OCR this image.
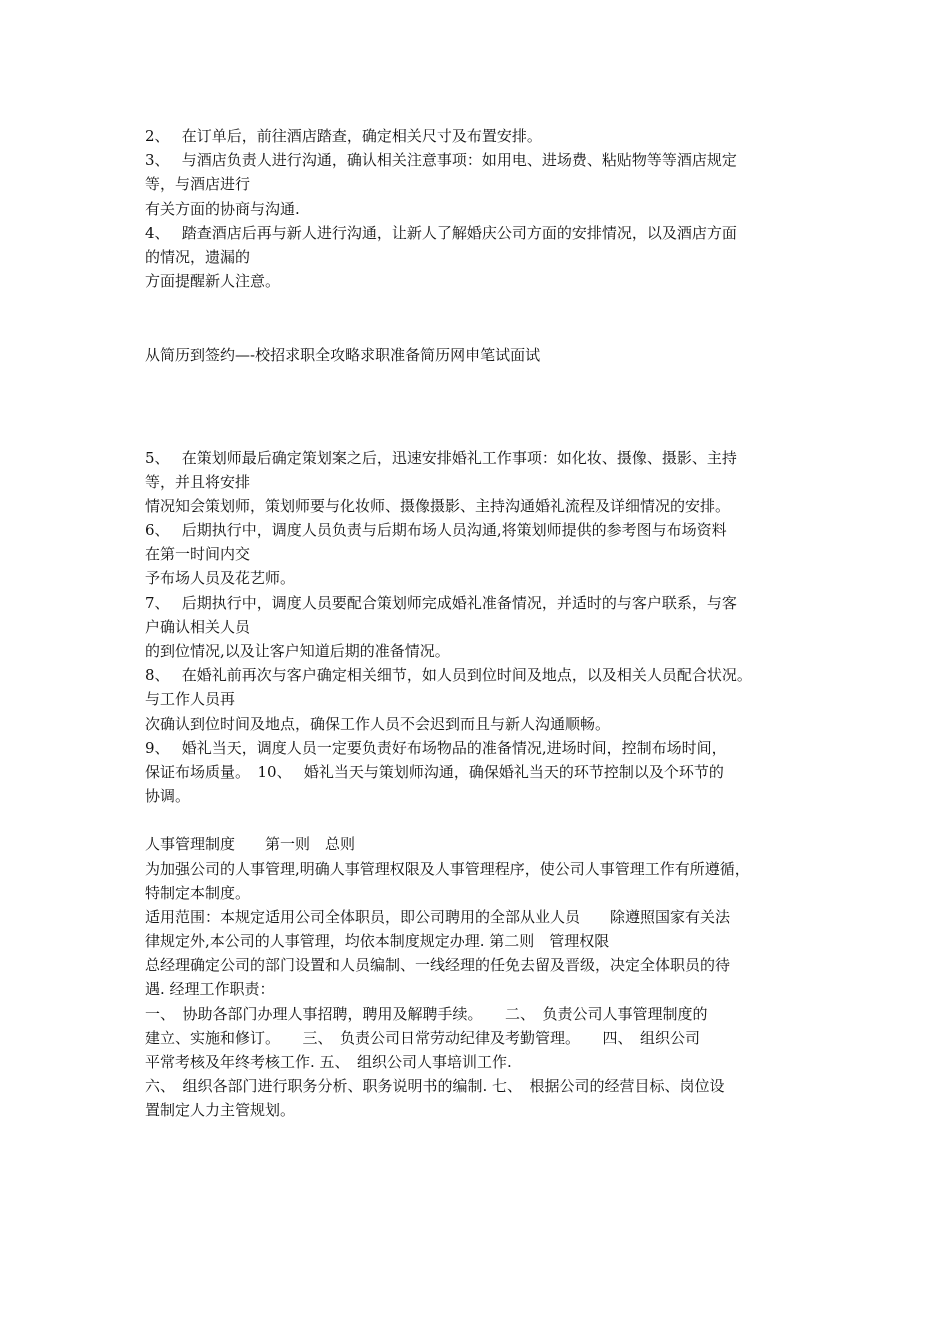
2、　 在订单后，前往酒店踏查，确定相关尺寸及布置安排。
3、　 与酒店负责人进行沟通，确认相关注意事项：如用电、进场费、粘贴物等等酒店规定
等，与酒店进行
有关方面的协商与沟通.
4、　 踏查酒店后再与新人进行沟通，让新人了解婚庆公司方面的安排情况，以及酒店方面
的情况，遗漏的
方面提醒新人注意。
从简历到签约—-校招求职全攻略求职准备简历网申笔试面试
5、　 在策划师最后确定策划案之后，迅速安排婚礼工作事项：如化妆、摄像、摄影、主持
等，并且将安排
情况知会策划师，策划师要与化妆师、摄像摄影、主持沟通婚礼流程及详细情况的安排。
6、　 后期执行中，调度人员负责与后期布场人员沟通,将策划师提供的参考图与布场资料
在第一时间内交
予布场人员及花艺师。
7、　 后期执行中，调度人员要配合策划师完成婚礼准备情况，并适时的与客户联系，与客
户确认相关人员
的到位情况,以及让客户知道后期的准备情况。
8、　 在婚礼前再次与客户确定相关细节，如人员到位时间及地点，以及相关人员配合状况。
与工作人员再
次确认到位时间及地点，确保工作人员不会迟到而且与新人沟通顺畅。
9、　 婚礼当天，调度人员一定要负责好布场物品的准备情况,进场时间，控制布场时间，
保证布场质量。　10、　 婚礼当天与策划师沟通，确保婚礼当天的环节控制以及个环节的
协调。
人事管理制度　　第一则　总则
为加强公司的人事管理,明确人事管理权限及人事管理程序，使公司人事管理工作有所遵循，
特制定本制度。
适用范围：本规定适用公司全体职员，即公司聘用的全部从业人员　　除遵照国家有关法
律规定外,本公司的人事管理，均依本制度规定办理. 第二则　管理权限
总经理确定公司的部门设置和人员编制、一线经理的任免去留及晋级，决定全体职员的待
遇. 经理工作职责：
一、　协助各部门办理人事招聘，聘用及解聘手续。　　二、　负责公司人事管理制度的
建立、实施和修订。　　三、　负责公司日常劳动纪律及考勤管理。　　四、　组织公司
平常考核及年终考核工作. 五、　组织公司人事培训工作.
六、　组织各部门进行职务分析、职务说明书的编制. 七、　根据公司的经营目标、岗位设
置制定人力主管规划。
